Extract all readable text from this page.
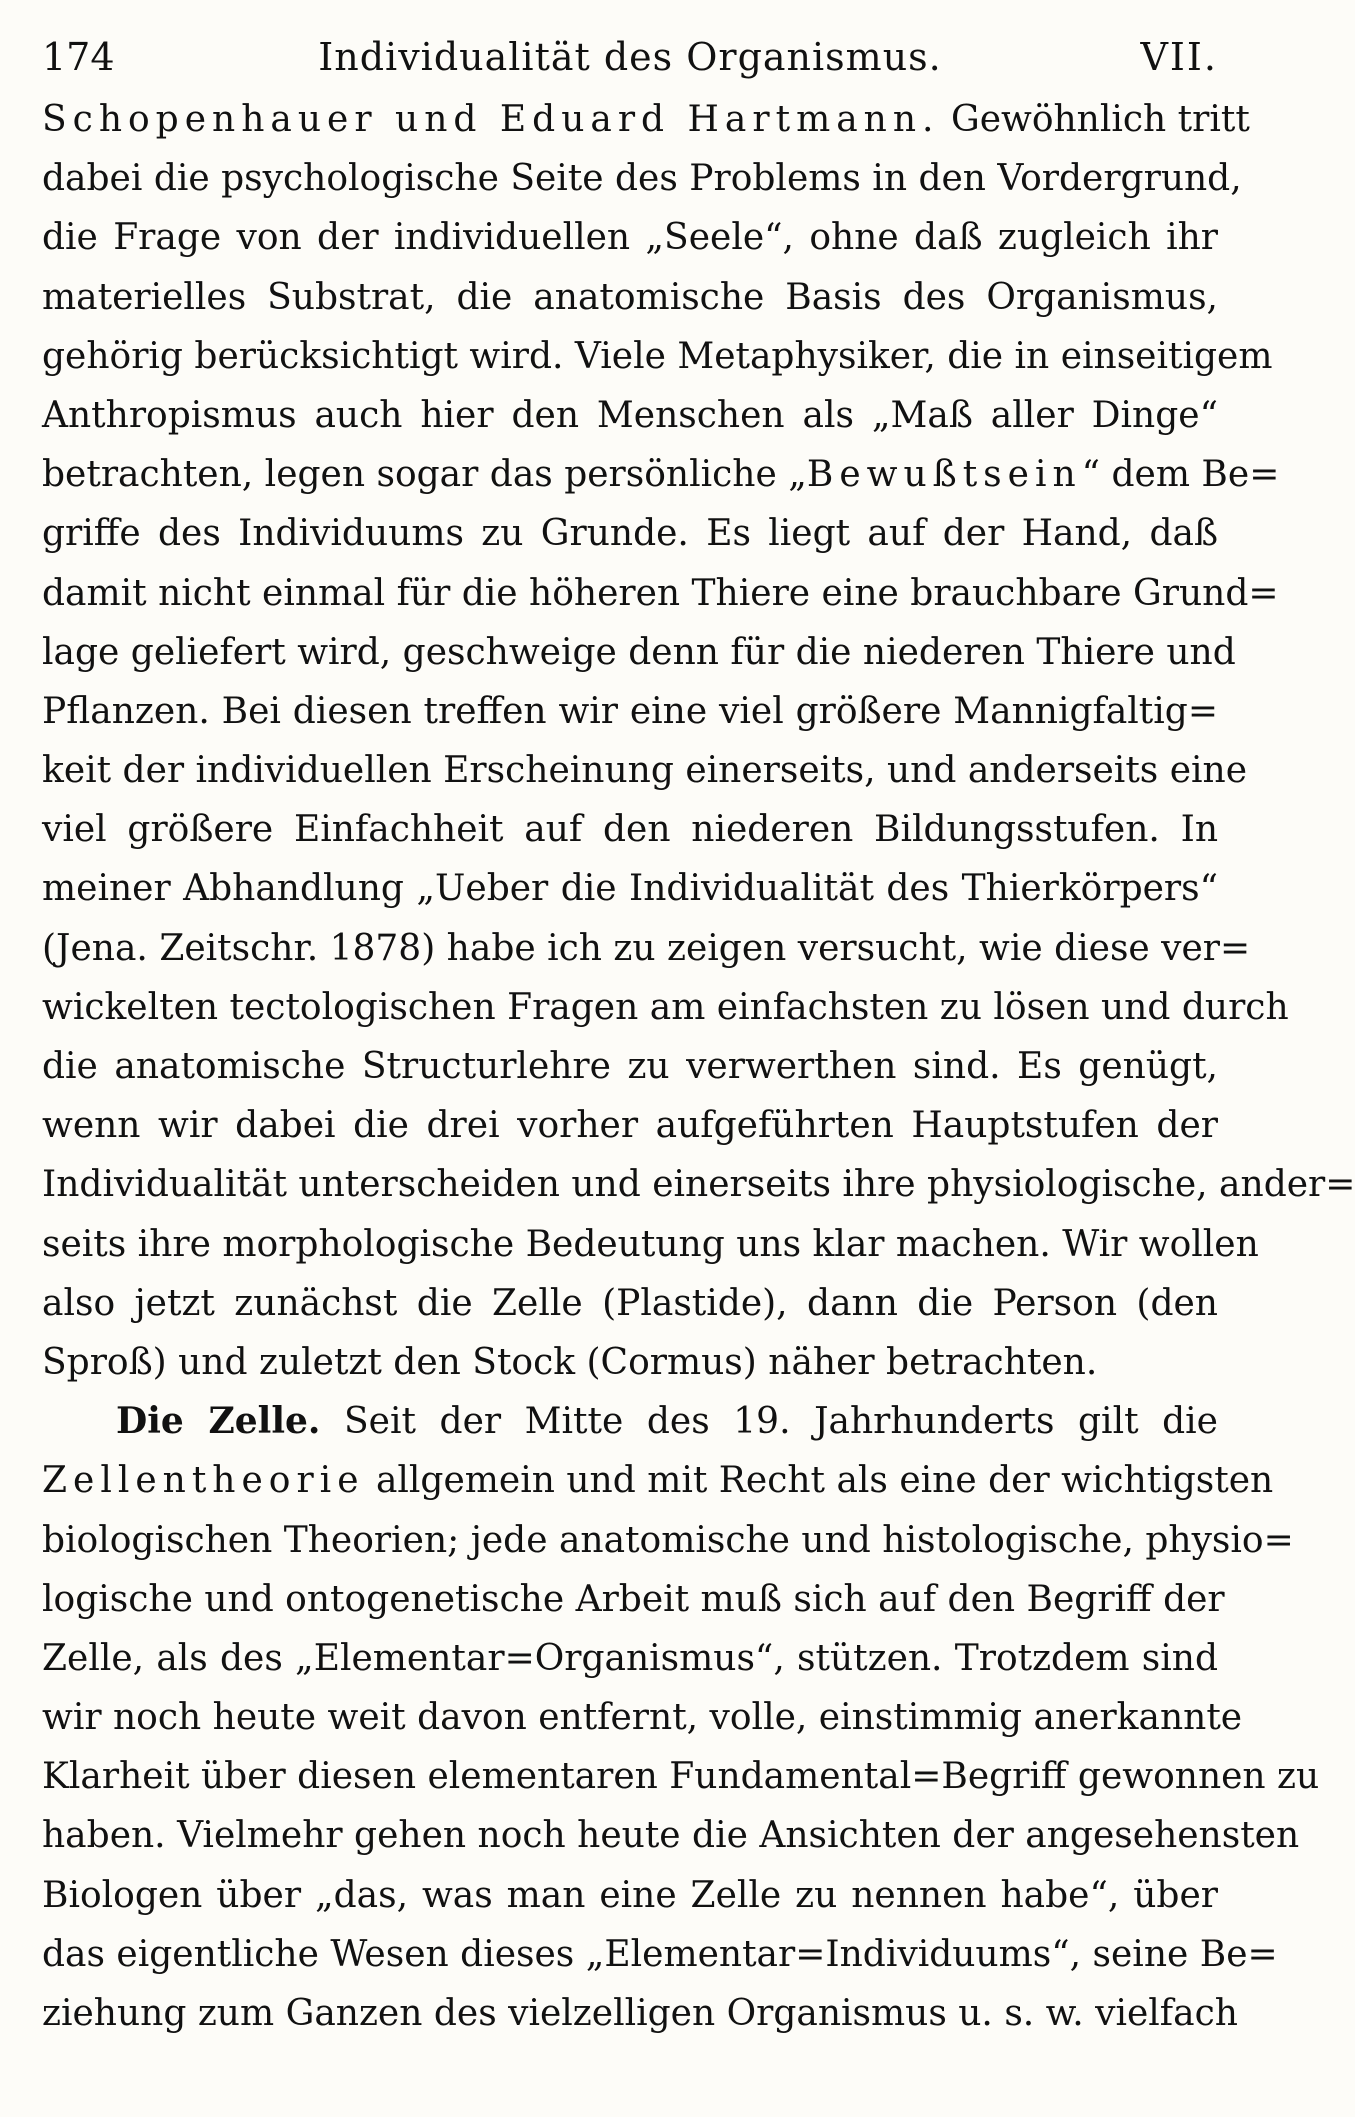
174	Individualität des Organismus.	VII.
Schopenhauer und Eduard Hartmann. Gewöhnlich tritt
dabei die psychologische Seite des Problems in den Vordergrund,
die Frage von der individuellen „Seele“, ohne daß zugleich ihr
materielles Substrat, die anatomische Basis des Organismus,
gehörig berücksichtigt wird. Viele Metaphysiker, die in einseitigem
Anthropismus auch hier den Menschen als „Maß aller Dinge“
betrachten, legen sogar das persönliche „Bewußtsein“ dem Be=
griffe des Individuums zu Grunde. Es liegt auf der Hand, daß
damit nicht einmal für die höheren Thiere eine brauchbare Grund=
lage geliefert wird, geschweige denn für die niederen Thiere und
Pflanzen. Bei diesen treffen wir eine viel größere Mannigfaltig=
keit der individuellen Erscheinung einerseits, und anderseits eine
viel größere Einfachheit auf den niederen Bildungsstufen. In
meiner Abhandlung „Ueber die Individualität des Thierkörpers“
(Jena. Zeitschr. 1878) habe ich zu zeigen versucht, wie diese ver=
wickelten tectologischen Fragen am einfachsten zu lösen und durch
die anatomische Structurlehre zu verwerthen sind. Es genügt,
wenn wir dabei die drei vorher aufgeführten Hauptstufen der
Individualität unterscheiden und einerseits ihre physiologische, ander=
seits ihre morphologische Bedeutung uns klar machen. Wir wollen
also jetzt zunächst die Zelle (Plastide), dann die Person (den
Sproß) und zuletzt den Stock (Cormus) näher betrachten.
Die Zelle. Seit der Mitte des 19. Jahrhunderts gilt die
Zellentheorie allgemein und mit Recht als eine der wichtigsten
biologischen Theorien; jede anatomische und histologische, physio=
logische und ontogenetische Arbeit muß sich auf den Begriff der
Zelle, als des „Elementar=Organismus“, stützen. Trotzdem sind
wir noch heute weit davon entfernt, volle, einstimmig anerkannte
Klarheit über diesen elementaren Fundamental=Begriff gewonnen zu
haben. Vielmehr gehen noch heute die Ansichten der angesehensten
Biologen über „das, was man eine Zelle zu nennen habe“, über
das eigentliche Wesen dieses „Elementar=Individuums“, seine Be=
ziehung zum Ganzen des vielzelligen Organismus u. s. w. vielfach
